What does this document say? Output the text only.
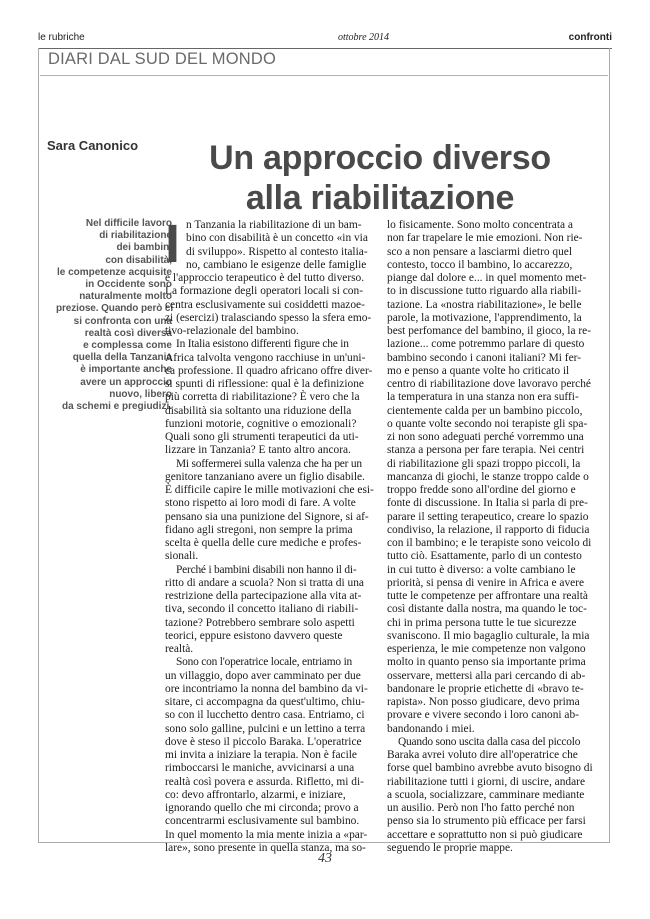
le rubriche	ottobre 2014	confronti
DIARI DAL SUD DEL MONDO
Sara Canonico	Un approccio diverso
alla riabilitazione
Nel difficile lavoro
di riabilitazione
dei bambini
con disabilità,
le competenze acquisite
in Occidente sono
naturalmente molto
preziose. Quando però ci
si confronta con una
realtà così diversa
e complessa come
quella della Tanzania
è importante anche
avere un approccio
nuovo, libero
da schemi e pregiudizi.

I n Tanzania la riabilitazione di un bam-
bino con disabilità è un concetto «in via
di sviluppo». Rispetto al contesto italia-
no, cambiano le esigenze delle famiglie
e l'approccio terapeutico è del tutto diverso.
La formazione degli operatori locali si con-
centra esclusivamente sui cosiddetti mazoe-
zi (esercizi) tralasciando spesso la sfera emo-
tivo-relazionale del bambino.

In Italia esistono differenti figure che in
Africa talvolta vengono racchiuse in un'uni-
ca professione. Il quadro africano offre diver-
si spunti di riflessione: qual è la definizione
più corretta di riabilitazione? È vero che la
disabilità sia soltanto una riduzione della
funzioni motorie, cognitive o emozionali?
Quali sono gli strumenti terapeutici da uti-
lizzare in Tanzania? E tanto altro ancora.

Mi soffermerei sulla valenza che ha per un
genitore tanzaniano avere un figlio disabile.
È difficile capire le mille motivazioni che esi-
stono rispetto ai loro modi di fare. A volte
pensano sia una punizione del Signore, si af-
fidano agli stregoni, non sempre la prima
scelta è quella delle cure mediche e profes-
sionali.

Perché i bambini disabili non hanno il di-
ritto di andare a scuola? Non si tratta di una
restrizione della partecipazione alla vita at-
tiva, secondo il concetto italiano di riabili-
tazione? Potrebbero sembrare solo aspetti
teorici, eppure esistono davvero queste
realtà.

Sono con l'operatrice locale, entriamo in
un villaggio, dopo aver camminato per due
ore incontriamo la nonna del bambino da vi-
sitare, ci accompagna da quest'ultimo, chiu-
so con il lucchetto dentro casa. Entriamo, ci
sono solo galline, pulcini e un lettino a terra
dove è steso il piccolo Baraka. L'operatrice
mi invita a iniziare la terapia. Non è facile
rimboccarsi le maniche, avvicinarsi a una
realtà così povera e assurda. Rifletto, mi di-
co: devo affrontarlo, alzarmi, e iniziare,
ignorando quello che mi circonda; provo a
concentrarmi esclusivamente sul bambino.
In quel momento la mia mente inizia a «par-
lare», sono presente in quella stanza, ma so-

lo fisicamente. Sono molto concentrata a
non far trapelare le mie emozioni. Non rie-
sco a non pensare a lasciarmi dietro quel
contesto, tocco il bambino, lo accarezzo,
piange dal dolore e... in quel momento met-
to in discussione tutto riguardo alla riabili-
tazione. La «nostra riabilitazione», le belle
parole, la motivazione, l'apprendimento, la
best perfomance del bambino, il gioco, la re-
lazione... come potremmo parlare di questo
bambino secondo i canoni italiani? Mi fer-
mo e penso a quante volte ho criticato il
centro di riabilitazione dove lavoravo perché
la temperatura in una stanza non era suffi-
cientemente calda per un bambino piccolo,
o quante volte secondo noi terapiste gli spa-
zi non sono adeguati perché vorremmo una
stanza a persona per fare terapia. Nei centri
di riabilitazione gli spazi troppo piccoli, la
mancanza di giochi, le stanze troppo calde o
troppo fredde sono all'ordine del giorno e
fonte di discussione. In Italia si parla di pre-
parare il setting terapeutico, creare lo spazio
condiviso, la relazione, il rapporto di fiducia
con il bambino; e le terapiste sono veicolo di
tutto ciò. Esattamente, parlo di un contesto
in cui tutto è diverso: a volte cambiano le
priorità, si pensa di venire in Africa e avere
tutte le competenze per affrontare una realtà
così distante dalla nostra, ma quando le toc-
chi in prima persona tutte le tue sicurezze
svaniscono. Il mio bagaglio culturale, la mia
esperienza, le mie competenze non valgono
molto in quanto penso sia importante prima
osservare, mettersi alla pari cercando di ab-
bandonare le proprie etichette di «bravo te-
rapista». Non posso giudicare, devo prima
provare e vivere secondo i loro canoni ab-
bandonando i miei.

Quando sono uscita dalla casa del piccolo
Baraka avrei voluto dire all'operatrice che
forse quel bambino avrebbe avuto bisogno di
riabilitazione tutti i giorni, di uscire, andare
a scuola, socializzare, camminare mediante
un ausilio. Però non l'ho fatto perché non
penso sia lo strumento più efficace per farsi
accettare e soprattutto non si può giudicare
seguendo le proprie mappe.

43
